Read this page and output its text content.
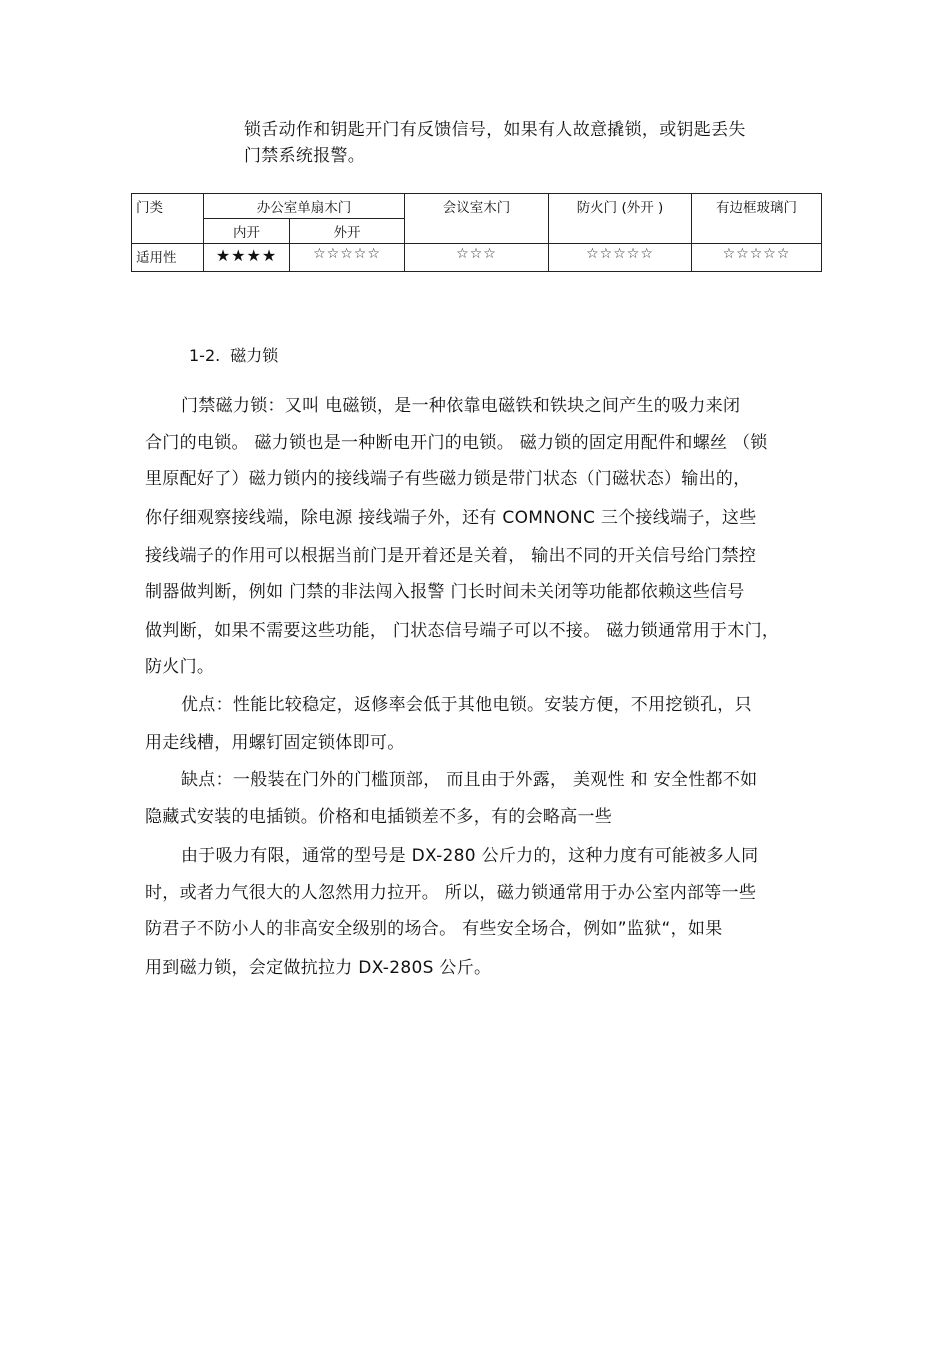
锁舌动作和钥匙开门有反馈信号，如果有人故意撬锁，或钥匙丢失
门禁系统报警。
门类	办公室单扇木门		会议室木门	防火门 (外开 )	有边框玻璃门
	内开	外开			
适用性	★★★★	☆☆☆☆☆	☆☆☆	☆☆☆☆☆	☆☆☆☆☆
1-2. 磁力锁
门禁磁力锁：又叫 电磁锁，是一种依靠电磁铁和铁块之间产生的吸力来闭
合门的电锁。 磁力锁也是一种断电开门的电锁。 磁力锁的固定用配件和螺丝 （锁
里原配好了）磁力锁内的接线端子有些磁力锁是带门状态（门磁状态）输出的，
你仔细观察接线端，除电源 接线端子外，还有 COMNONC 三个接线端子，这些
接线端子的作用可以根据当前门是开着还是关着， 输出不同的开关信号给门禁控
制器做判断，例如 门禁的非法闯入报警 门长时间未关闭等功能都依赖这些信号
做判断，如果不需要这些功能， 门状态信号端子可以不接。 磁力锁通常用于木门，
防火门。
优点：性能比较稳定，返修率会低于其他电锁。安装方便，不用挖锁孔，只
用走线槽，用螺钉固定锁体即可。
缺点：一般装在门外的门槛顶部， 而且由于外露， 美观性 和 安全性都不如
隐藏式安装的电插锁。价格和电插锁差不多，有的会略高一些
由于吸力有限，通常的型号是 DX-280 公斤力的，这种力度有可能被多人同
时，或者力气很大的人忽然用力拉开。 所以，磁力锁通常用于办公室内部等一些
防君子不防小人的非高安全级别的场合。 有些安全场合，例如”监狱“，如果
用到磁力锁，会定做抗拉力 DX-280S 公斤。
